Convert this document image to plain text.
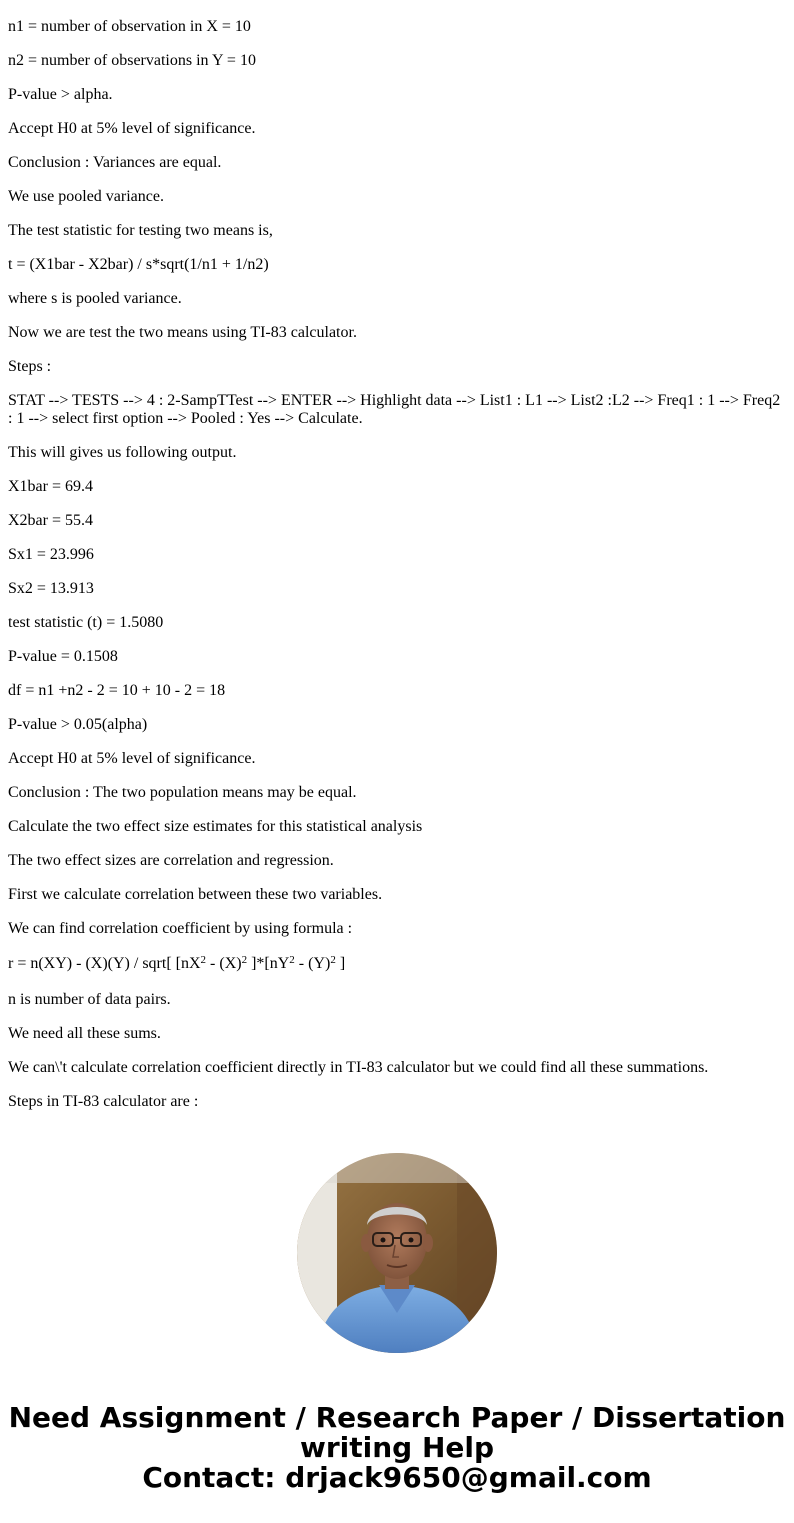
n1 = number of observation in X = 10

n2 = number of observations in Y = 10

P-value > alpha.

Accept H0 at 5% level of significance.

Conclusion : Variances are equal.

We use pooled variance.

The test statistic for testing two means is,

t = (X1bar - X2bar) / s*sqrt(1/n1 + 1/n2)

where s is pooled variance.

Now we are test the two means using TI-83 calculator.

Steps :

STAT --> TESTS --> 4 : 2-SampTTest --> ENTER --> Highlight data --> List1 : L1 --> List2 :L2 --> Freq1 : 1 --> Freq2 : 1 --> select first option --> Pooled : Yes --> Calculate.

This will gives us following output.

X1bar = 69.4

X2bar = 55.4

Sx1 = 23.996

Sx2 = 13.913

test statistic (t) = 1.5080

P-value = 0.1508

df = n1 +n2 - 2 = 10 + 10 - 2 = 18

P-value > 0.05(alpha)

Accept H0 at 5% level of significance.

Conclusion : The two population means may be equal.

Calculate the two effect size estimates for this statistical analysis

The two effect sizes are correlation and regression.

First we calculate correlation between these two variables.

We can find correlation coefficient by using formula :

r = n(XY) - (X)(Y) / sqrt[ [$nX^2 - (X)^2$ ]$*[nY^2 - (Y)^2$ ]

n is number of data pairs.

We need all these sums.

We can\'t calculate correlation coefficient directly in TI-83 calculator but we could find all these summations.

Steps in TI-83 calculator are :

Need Assignment / Research Paper / Dissertation
writing Help
Contact: drjack9650@gmail.com
